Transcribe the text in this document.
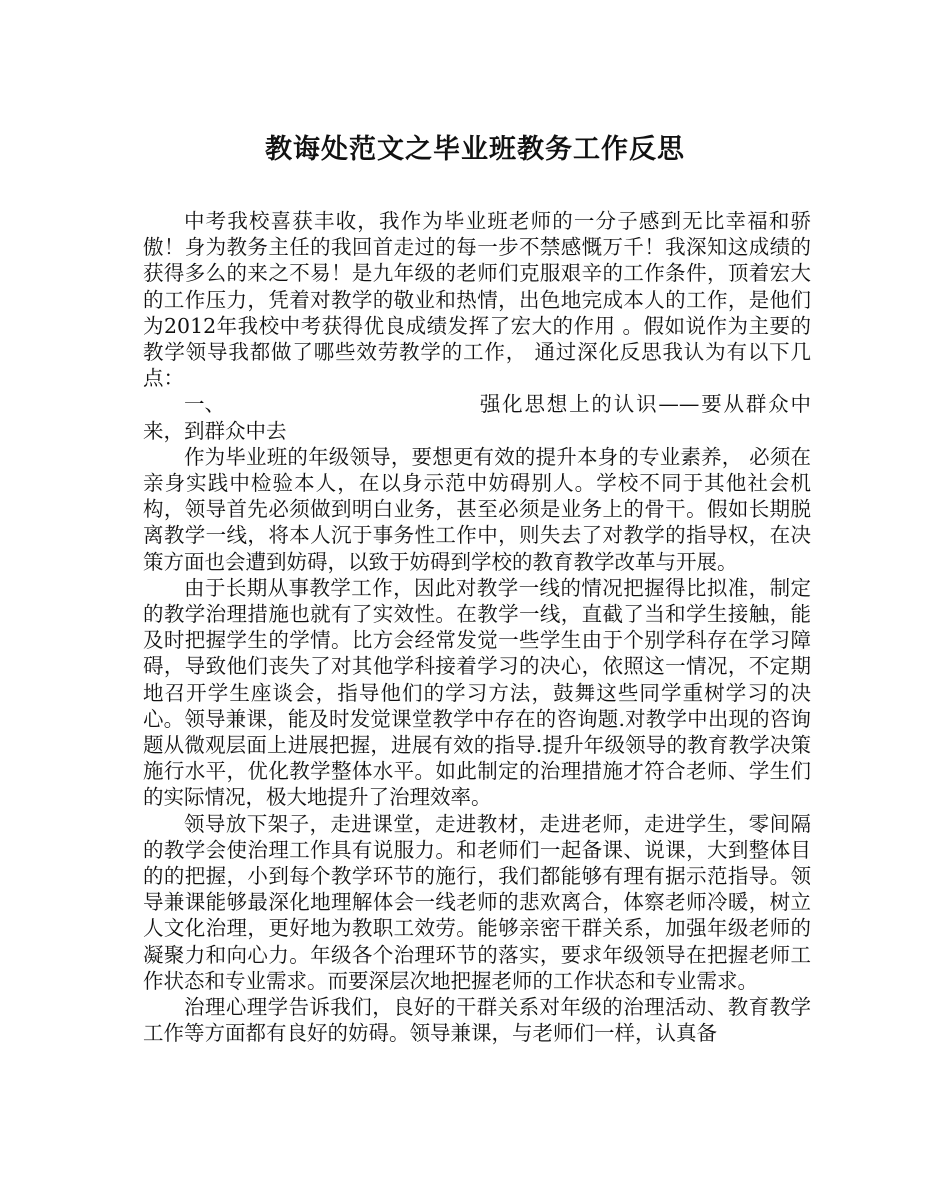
教诲处范文之毕业班教务工作反思

中考我校喜获丰收，我作为毕业班老师的一分子感到无比幸福和骄傲！身为教务主任的我回首走过的每一步不禁感慨万千！我深知这成绩的获得多么的来之不易！是九年级的老师们克服艰辛的工作条件，顶着宏大的工作压力，凭着对教学的敬业和热情，出色地完成本人的工作，是他们为2012年我校中考获得优良成绩发挥了宏大的作用 。假如说作为主要的教学领导我都做了哪些效劳教学的工作， 通过深化反思我认为有以下几点：

一、	强化思想上的认识——要从群众中来，到群众中去

作为毕业班的年级领导，要想更有效的提升本身的专业素养， 必须在亲身实践中检验本人，在以身示范中妨碍别人。学校不同于其他社会机构，领导首先必须做到明白业务，甚至必须是业务上的骨干。假如长期脱离教学一线，将本人沉于事务性工作中，则失去了对教学的指导权，在决策方面也会遭到妨碍，以致于妨碍到学校的教育教学改革与开展。

由于长期从事教学工作，因此对教学一线的情况把握得比拟准，制定的教学治理措施也就有了实效性。在教学一线，直截了当和学生接触，能及时把握学生的学情。比方会经常发觉一些学生由于个别学科存在学习障碍，导致他们丧失了对其他学科接着学习的决心，依照这一情况，不定期地召开学生座谈会，指导他们的学习方法，鼓舞这些同学重树学习的决心。领导兼课，能及时发觉课堂教学中存在的咨询题.对教学中出现的咨询题从微观层面上进展把握，进展有效的指导.提升年级领导的教育教学决策施行水平，优化教学整体水平。如此制定的治理措施才符合老师、学生们的实际情况，极大地提升了治理效率。

领导放下架子，走进课堂，走进教材，走进老师，走进学生，零间隔的教学会使治理工作具有说服力。和老师们一起备课、说课，大到整体目的的把握，小到每个教学环节的施行，我们都能够有理有据示范指导。领导兼课能够最深化地理解体会一线老师的悲欢离合，体察老师冷暖，树立人文化治理，更好地为教职工效劳。能够亲密干群关系，加强年级老师的凝聚力和向心力。年级各个治理环节的落实，要求年级领导在把握老师工作状态和专业需求。而要深层次地把握老师的工作状态和专业需求。

治理心理学告诉我们，良好的干群关系对年级的治理活动、教育教学工作等方面都有良好的妨碍。领导兼课，与老师们一样，认真备
